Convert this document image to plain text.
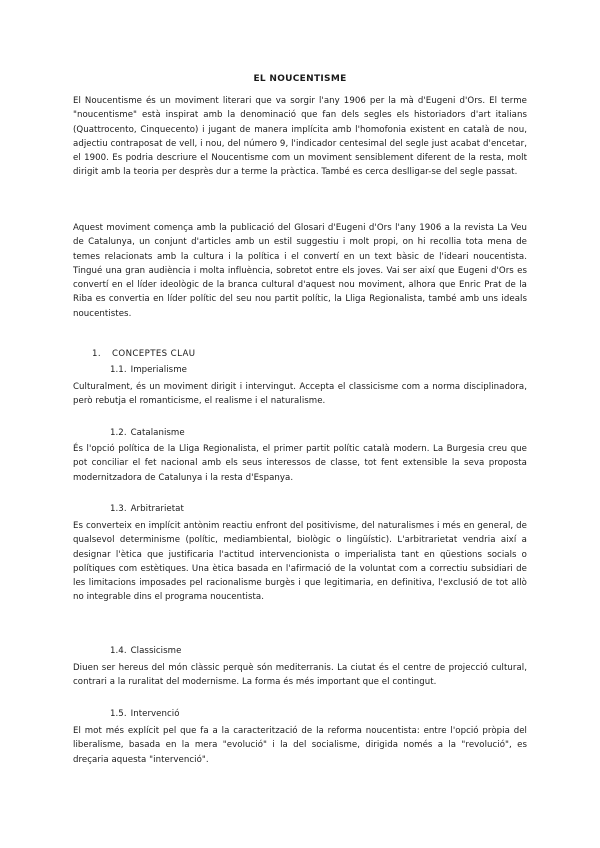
EL NOUCENTISME

El Noucentisme és un moviment literari que va sorgir l'any 1906 per la mà d'Eugeni d'Ors. El terme "noucentisme" està inspirat amb la denominació que fan dels segles els historiadors d'art italians (Quattrocento, Cinquecento) i jugant de manera implícita amb l'homofonia existent en català de nou, adjectiu contraposat de vell, i nou, del número 9, l'indicador centesimal del segle just acabat d'encetar, el 1900. Es podria descriure el Noucentisme com un moviment sensiblement diferent de la resta, molt dirigit amb la teoria per desprès dur a terme la pràctica. També es cerca deslligar-se del segle passat.

Aquest moviment comença amb la publicació del Glosari d'Eugeni d'Ors l'any 1906 a la revista La Veu de Catalunya, un conjunt d'articles amb un estil suggestiu i molt propi, on hi recollia tota mena de temes relacionats amb la cultura i la política i el convertí en un text bàsic de l'ideari noucentista. Tingué una gran audiència i molta influència, sobretot entre els joves. Vai ser així que Eugeni d'Ors es convertí en el líder ideològic de la branca cultural d'aquest nou moviment, alhora que Enric Prat de la Riba es convertia en líder polític del seu nou partit polític, la Lliga Regionalista, també amb uns ideals noucentistes.

1. CONCEPTES CLAU
1.1. Imperialisme

Culturalment, és un moviment dirigit i intervingut. Accepta el classicisme com a norma disciplinadora, però rebutja el romanticisme, el realisme i el naturalisme.

1.2. Catalanisme

És l'opció política de la Lliga Regionalista, el primer partit polític català modern. La Burgesia creu que pot conciliar el fet nacional amb els seus interessos de classe, tot fent extensible la seva proposta modernitzadora de Catalunya i la resta d'Espanya.

1.3. Arbitrarietat

Es converteix en implícit antònim reactiu enfront del positivisme, del naturalismes i més en general, de qualsevol determinisme (polític, mediambiental, biològic o lingüístic). L'arbitrarietat vendria així a designar l'ètica que justificaria l'actitud intervencionista o imperialista tant en qüestions socials o polítiques com estètiques. Una ètica basada en l'afirmació de la voluntat com a correctiu subsidiari de les limitacions imposades pel racionalisme burgès i que legitimaria, en definitiva, l'exclusió de tot allò no integrable dins el programa noucentista.

1.4. Classicisme

Diuen ser hereus del món clàssic perquè són mediterranis. La ciutat és el centre de projecció cultural, contrari a la ruralitat del modernisme. La forma és més important que el contingut.

1.5. Intervenció

El mot més explícit pel que fa a la caracterització de la reforma noucentista: entre l'opció pròpia del liberalisme, basada en la mera "evolució" i la del socialisme, dirigida només a la "revolució", es dreçaria aquesta "intervenció".
